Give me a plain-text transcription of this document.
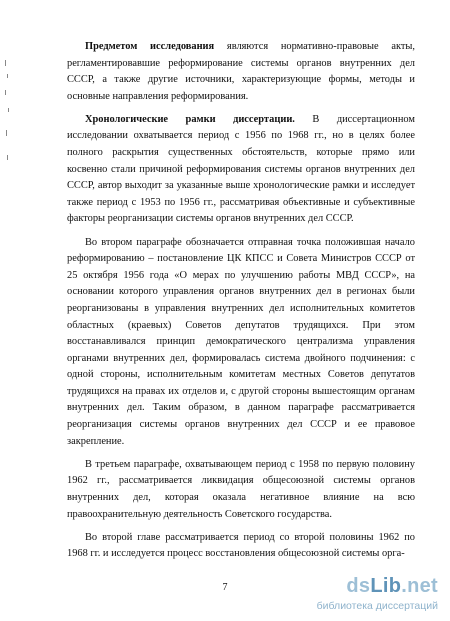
Предметом исследования являются нормативно-правовые акты, регламентировавшие реформирование системы органов внутренних дел СССР, а также другие источники, характеризующие формы, методы и основные направления реформирования.

Хронологические рамки диссертации. В диссертационном исследовании охватывается период с 1956 по 1968 гг., но в целях более полного раскрытия существенных обстоятельств, которые прямо или косвенно стали причиной реформирования системы органов внутренних дел СССР, автор выходит за указанные выше хронологические рамки и исследует также период с 1953 по 1956 гг., рассматривая объективные и субъективные факторы реорганизации системы органов внутренних дел СССР.

Во втором параграфе обозначается отправная точка положившая начало реформированию – постановление ЦК КПСС и Совета Министров СССР от 25 октября 1956 года «О мерах по улучшению работы МВД СССР», на основании которого управления органов внутренних дел в регионах были реорганизованы в управления внутренних дел исполнительных комитетов областных (краевых) Советов депутатов трудящихся. При этом восстанавливался принцип демократического централизма управления органами внутренних дел, формировалась система двойного подчинения: с одной стороны, исполнительным комитетам местных Советов депутатов трудящихся на правах их отделов и, с другой стороны вышестоящим органам внутренних дел. Таким образом, в данном параграфе рассматривается реорганизация системы органов внутренних дел СССР и ее правовое закрепление.

В третьем параграфе, охватывающем период с 1958 по первую половину 1962 гг., рассматривается ликвидация общесоюзной системы органов внутренних дел, которая оказала негативное влияние на всю правоохранительную деятельность Советского государства.

Во второй главе рассматривается период со второй половины 1962 по 1968 гг. и исследуется процесс восстановления общесоюзной системы орга-

7	dsLib.net
библиотека диссертаций
